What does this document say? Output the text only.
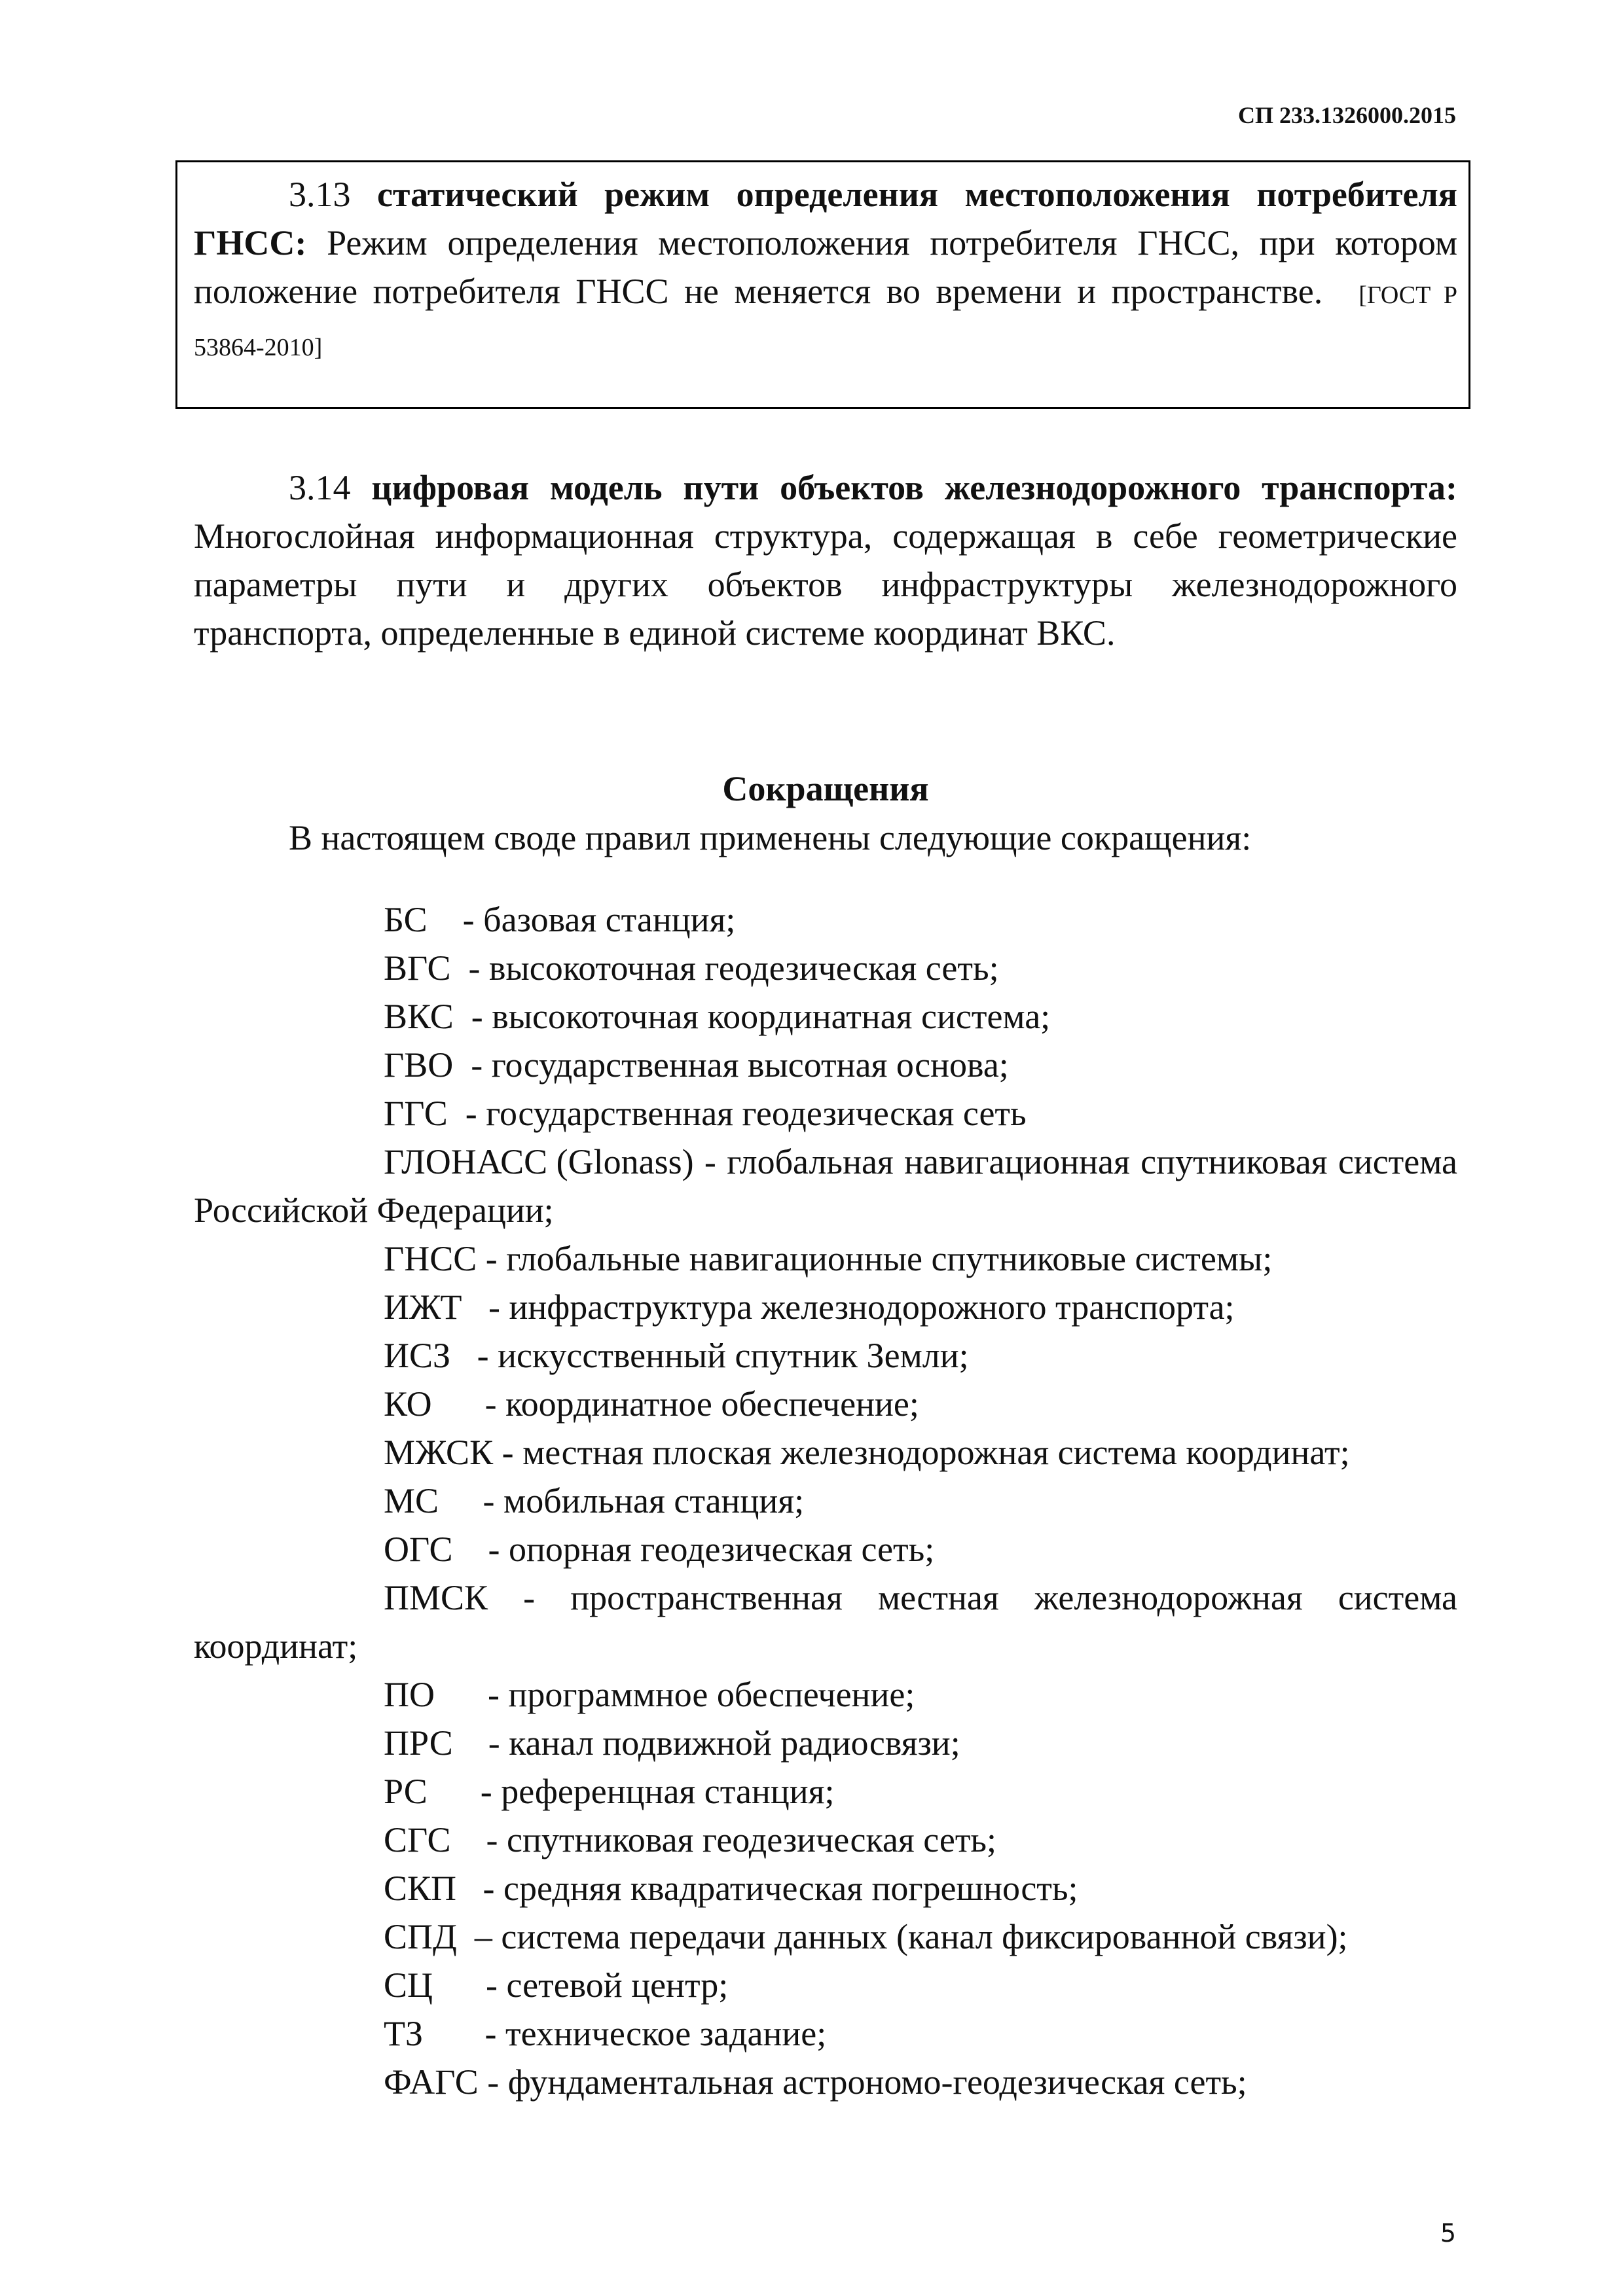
СП 233.1326000.2015

3.13 статический режим определения местоположения потребителя ГНСС: Режим определения местоположения потребителя ГНСС, при котором положение потребителя ГНСС не меняется во времени и пространстве. [ГОСТ Р 53864-2010]

3.14 цифровая модель пути объектов железнодорожного транспорта: Многослойная информационная структура, содержащая в себе геометрические параметры пути и других объектов инфраструктуры железнодорожного транспорта, определенные в единой системе координат ВКС.

Сокращения

В настоящем своде правил применены следующие сокращения:

БС    - базовая станция;
ВГС  - высокоточная геодезическая сеть;
ВКС  - высокоточная координатная система;
ГВО  - государственная высотная основа;
ГГС  - государственная геодезическая сеть
ГЛОНАСС (Glonass) - глобальная навигационная спутниковая система Российской Федерации;
ГНСС - глобальные навигационные спутниковые системы;
ИЖТ   - инфраструктура железнодорожного транспорта;
ИСЗ   - искусственный спутник Земли;
КО      - координатное обеспечение;
МЖСК - местная плоская железнодорожная система координат;
МС     - мобильная станция;
ОГС    - опорная геодезическая сеть;
ПМСК - пространственная местная железнодорожная система координат;
ПО      - программное обеспечение;
ПРС    - канал подвижной радиосвязи;
РС      - референцная станция;
СГС    - спутниковая геодезическая сеть;
СКП   - средняя квадратическая погрешность;
СПД  – система передачи данных (канал фиксированной связи);
СЦ      - сетевой центр;
ТЗ       - техническое задание;
ФАГС - фундаментальная астрономо-геодезическая сеть;
5
